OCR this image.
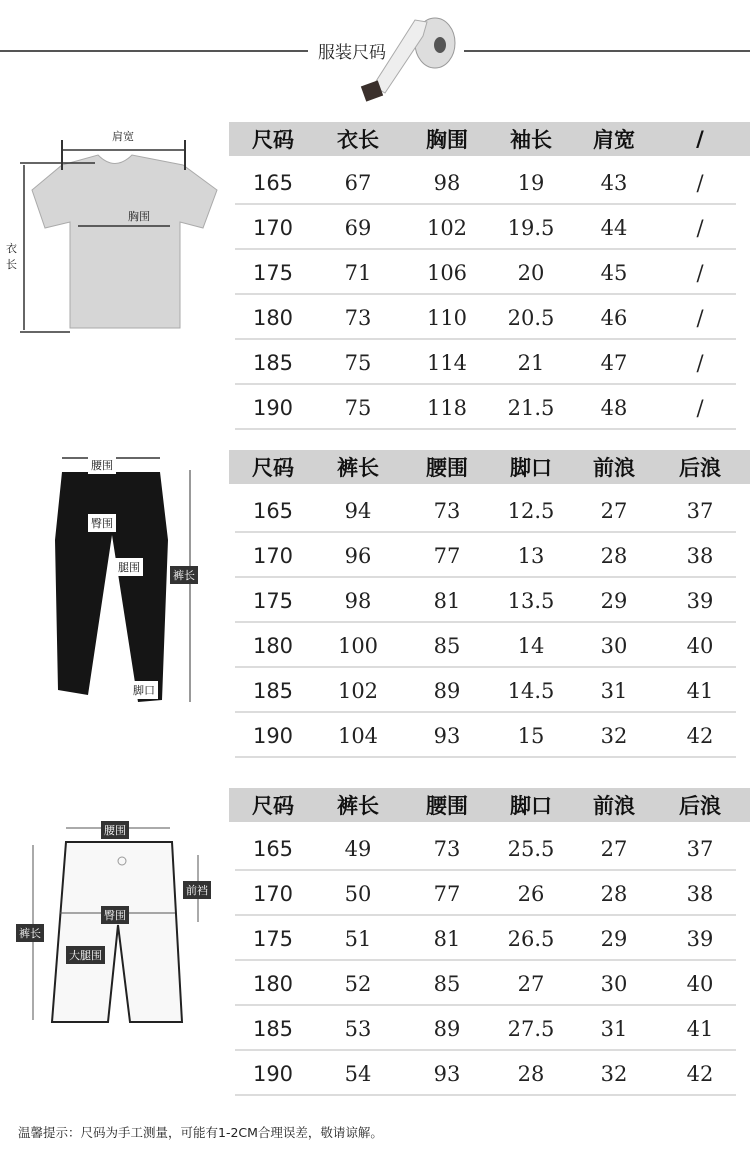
服装尺码
肩宽
胸围
衣长
腰围
臀围
腿围
裤长
脚口
腰围
前裆
臀围
裤长
大腿围
尺码 衣长 胸围 袖长 肩宽	/
165 67	98	19	43	/
170 69	102 19.5 44	/
175 71	106 20	45	/
180 73	110 20.5 46	/
185 75	114 21	47	/
190 75	118 21.5 48	/
尺码 裤长 腰围 脚口 前浪 后浪
165 94	73 12.5 27	37
170 96	77	13	28	38
175 98	81 13.5 29	39
180 100	85	14	30	40
185 102	89 14.5 31	41
190 104	93	15	32	42
尺码 裤长 腰围 脚口 前浪 后浪
165 49	73 25.5 27	37
170 50	77	26	28	38
175 51	81 26.5 29	39
180 52	85	27	30	40
185 53	89 27.5 31	41
190 54	93	28	32	42
温馨提示：尺码为手工测量，可能有1-2CM合理误差，敬请谅解。
